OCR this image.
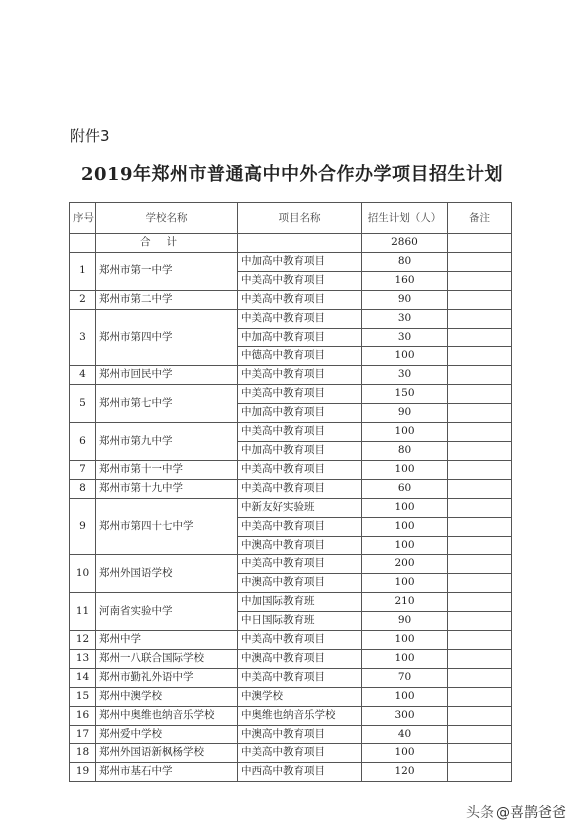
附件3
2019年郑州市普通高中中外合作办学项目招生计划
序号	学校名称	项目名称	招生计划（人）	备注
	合计		2860	
1	郑州市第一中学	中加高中教育项目	80	
		中美高中教育项目	160	
2	郑州市第二中学	中美高中教育项目	90	
3	郑州市第四中学	中美高中教育项目	30	
		中加高中教育项目	30	
		中德高中教育项目	100	
4	郑州市回民中学	中美高中教育项目	30	
5	郑州市第七中学	中美高中教育项目	150	
		中加高中教育项目	90	
6	郑州市第九中学	中美高中教育项目	100	
		中加高中教育项目	80	
7	郑州市第十一中学	中美高中教育项目	100	
8	郑州市第十九中学	中美高中教育项目	60	
9	郑州市第四十七中学	中新友好实验班	100	
		中美高中教育项目	100	
		中澳高中教育项目	100	
10	郑州外国语学校	中美高中教育项目	200	
		中澳高中教育项目	100	
11	河南省实验中学	中加国际教育班	210	
		中日国际教育班	90	
12	郑州中学	中美高中教育项目	100	
13	郑州一八联合国际学校	中澳高中教育项目	100	
14	郑州市勤礼外语中学	中美高中教育项目	70	
15	郑州中澳学校	中澳学校	100	
16	郑州中奥维也纳音乐学校	中奥维也纳音乐学校	300	
17	郑州爱中学校	中澳高中教育项目	40	
18	郑州外国语新枫杨学校	中美高中教育项目	100	
19	郑州市基石中学	中西高中教育项目	120	
头条 @喜鹊爸爸
